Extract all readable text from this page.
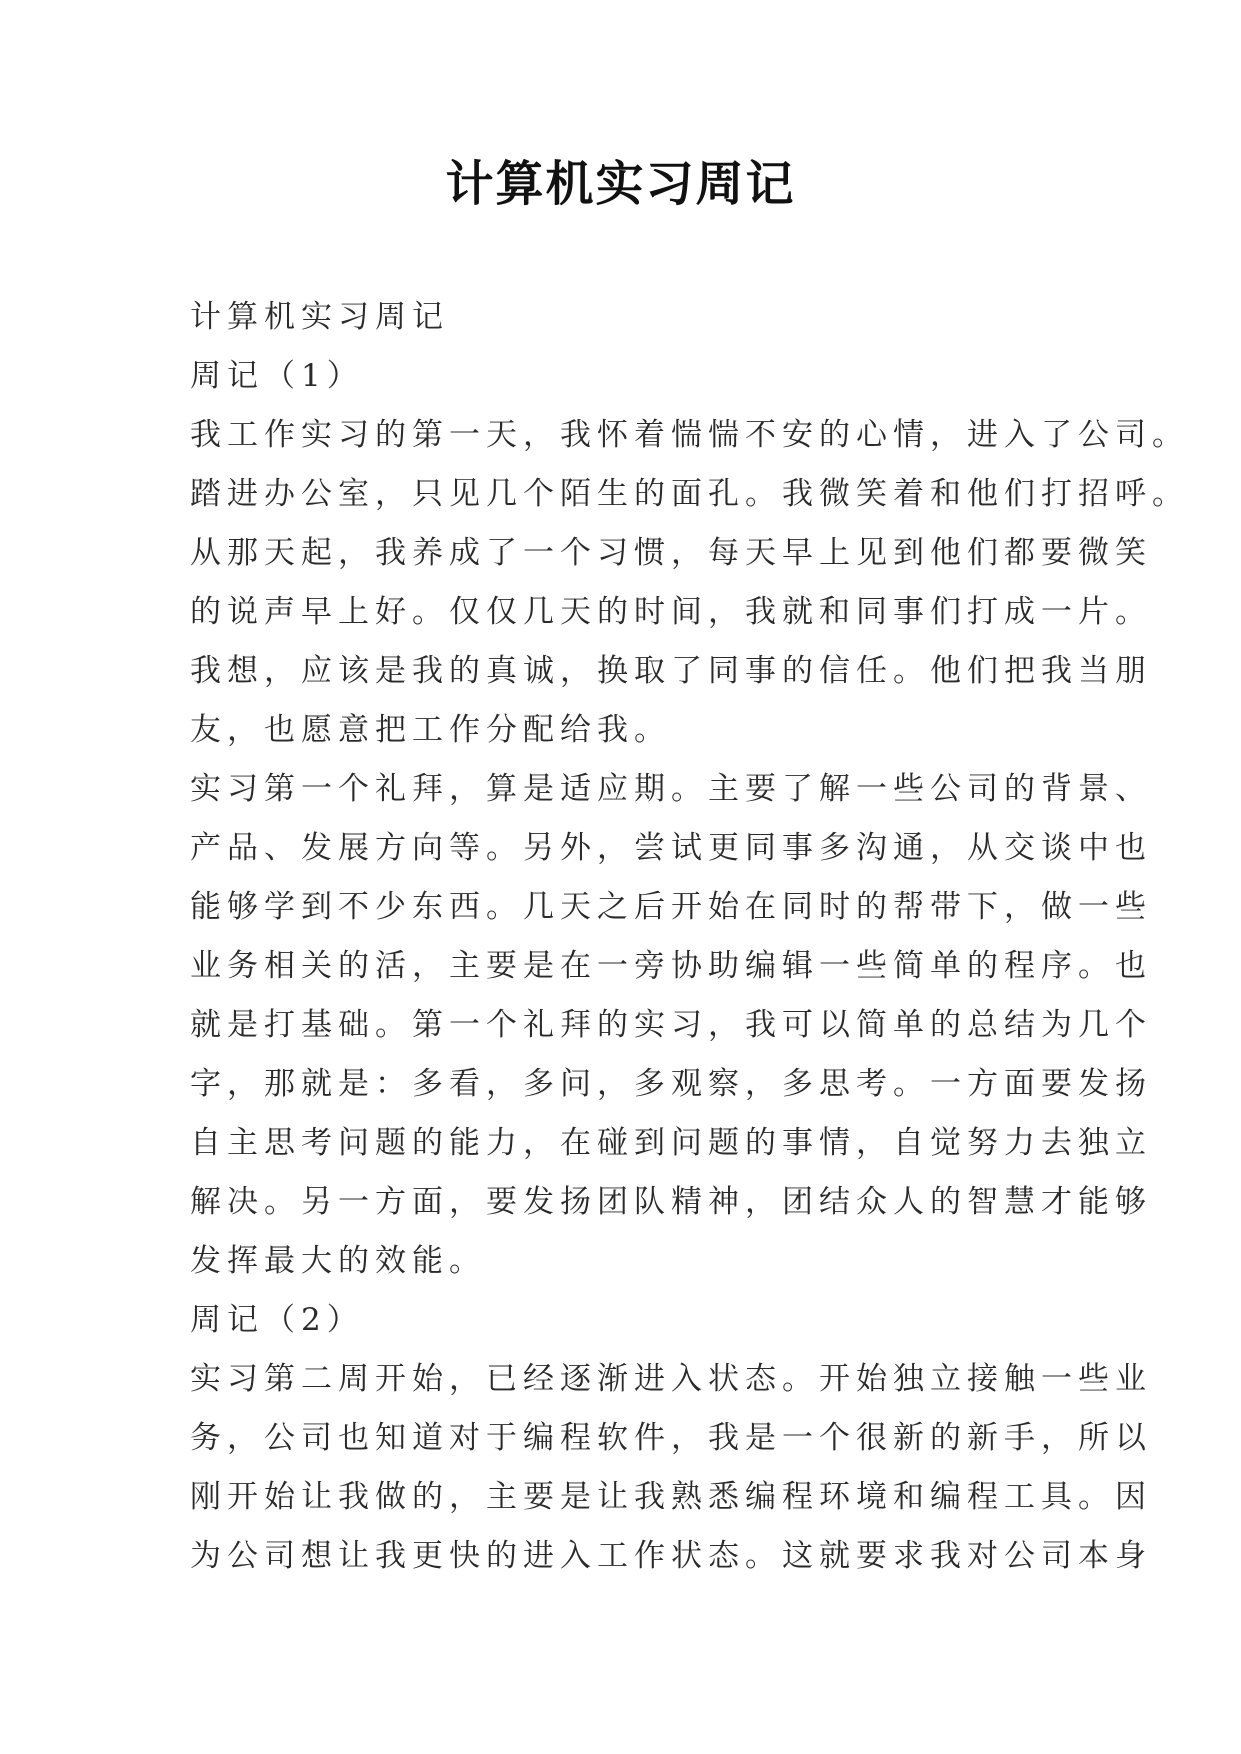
计算机实习周记
计算机实习周记
周记（1）
我工作实习的第一天，我怀着惴惴不安的心情，进入了公司。
踏进办公室，只见几个陌生的面孔。我微笑着和他们打招呼。
从那天起，我养成了一个习惯，每天早上见到他们都要微笑
的说声早上好。仅仅几天的时间，我就和同事们打成一片。
我想，应该是我的真诚，换取了同事的信任。他们把我当朋
友，也愿意把工作分配给我。
实习第一个礼拜，算是适应期。主要了解一些公司的背景、
产品、发展方向等。另外，尝试更同事多沟通，从交谈中也
能够学到不少东西。几天之后开始在同时的帮带下，做一些
业务相关的活，主要是在一旁协助编辑一些简单的程序。也
就是打基础。第一个礼拜的实习，我可以简单的总结为几个
字，那就是：多看，多问，多观察，多思考。一方面要发扬
自主思考问题的能力，在碰到问题的事情，自觉努力去独立
解决。另一方面，要发扬团队精神，团结众人的智慧才能够
发挥最大的效能。
周记（2）
实习第二周开始，已经逐渐进入状态。开始独立接触一些业
务，公司也知道对于编程软件，我是一个很新的新手，所以
刚开始让我做的，主要是让我熟悉编程环境和编程工具。因
为公司想让我更快的进入工作状态。这就要求我对公司本身
